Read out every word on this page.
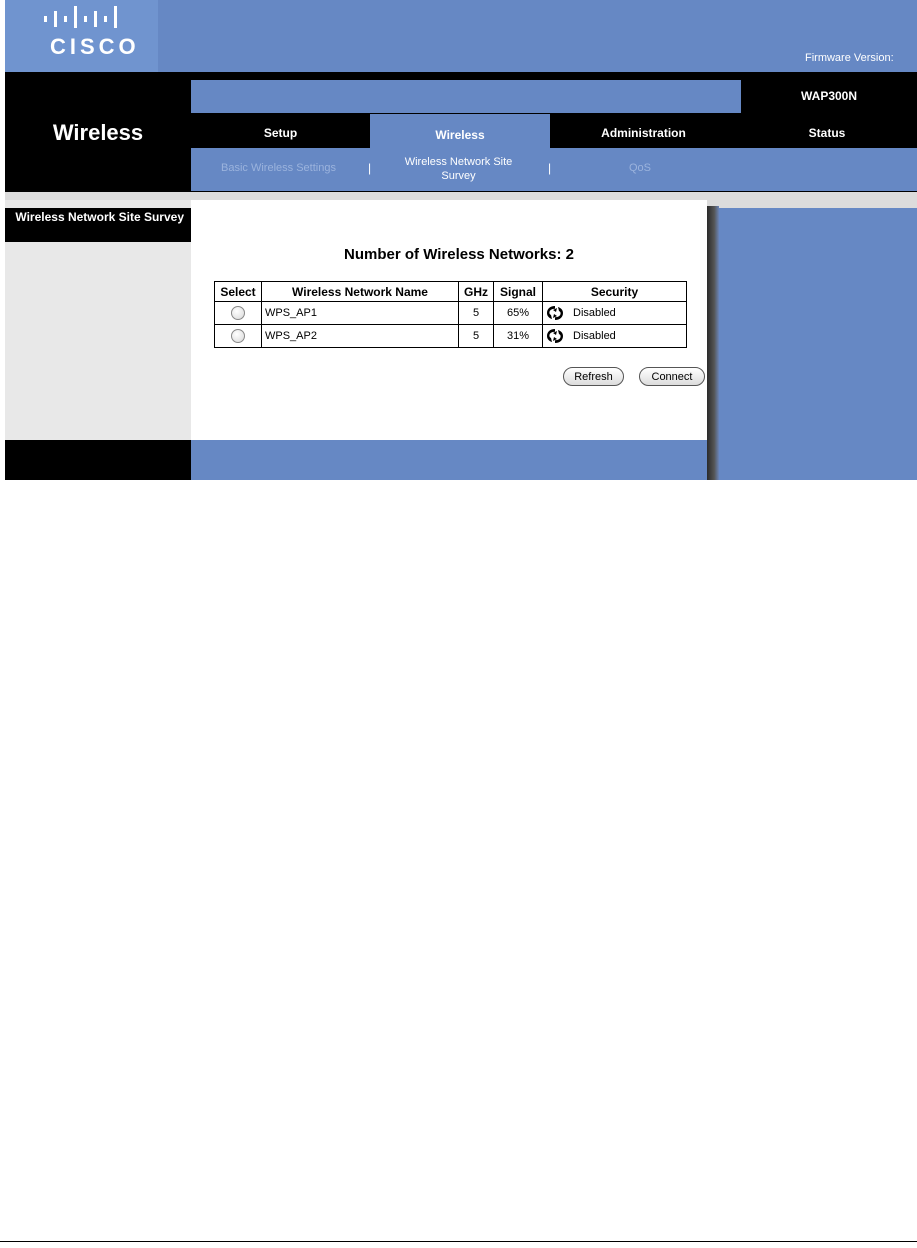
CISCO	Firmware Version:
WAP300N
Wireless	Setup	Wireless	Administration	Status
Basic Wireless Settings	|	Wireless Network Site Survey
|	QoS
Wireless Network Site Survey
Number of Wireless Networks: 2
Select	Wireless Network Name	GHz	Signal	Security
	WPS_AP1	5	65%	Disabled

	WPS_AP2	5	31%	Disabled
Refresh	Connect
